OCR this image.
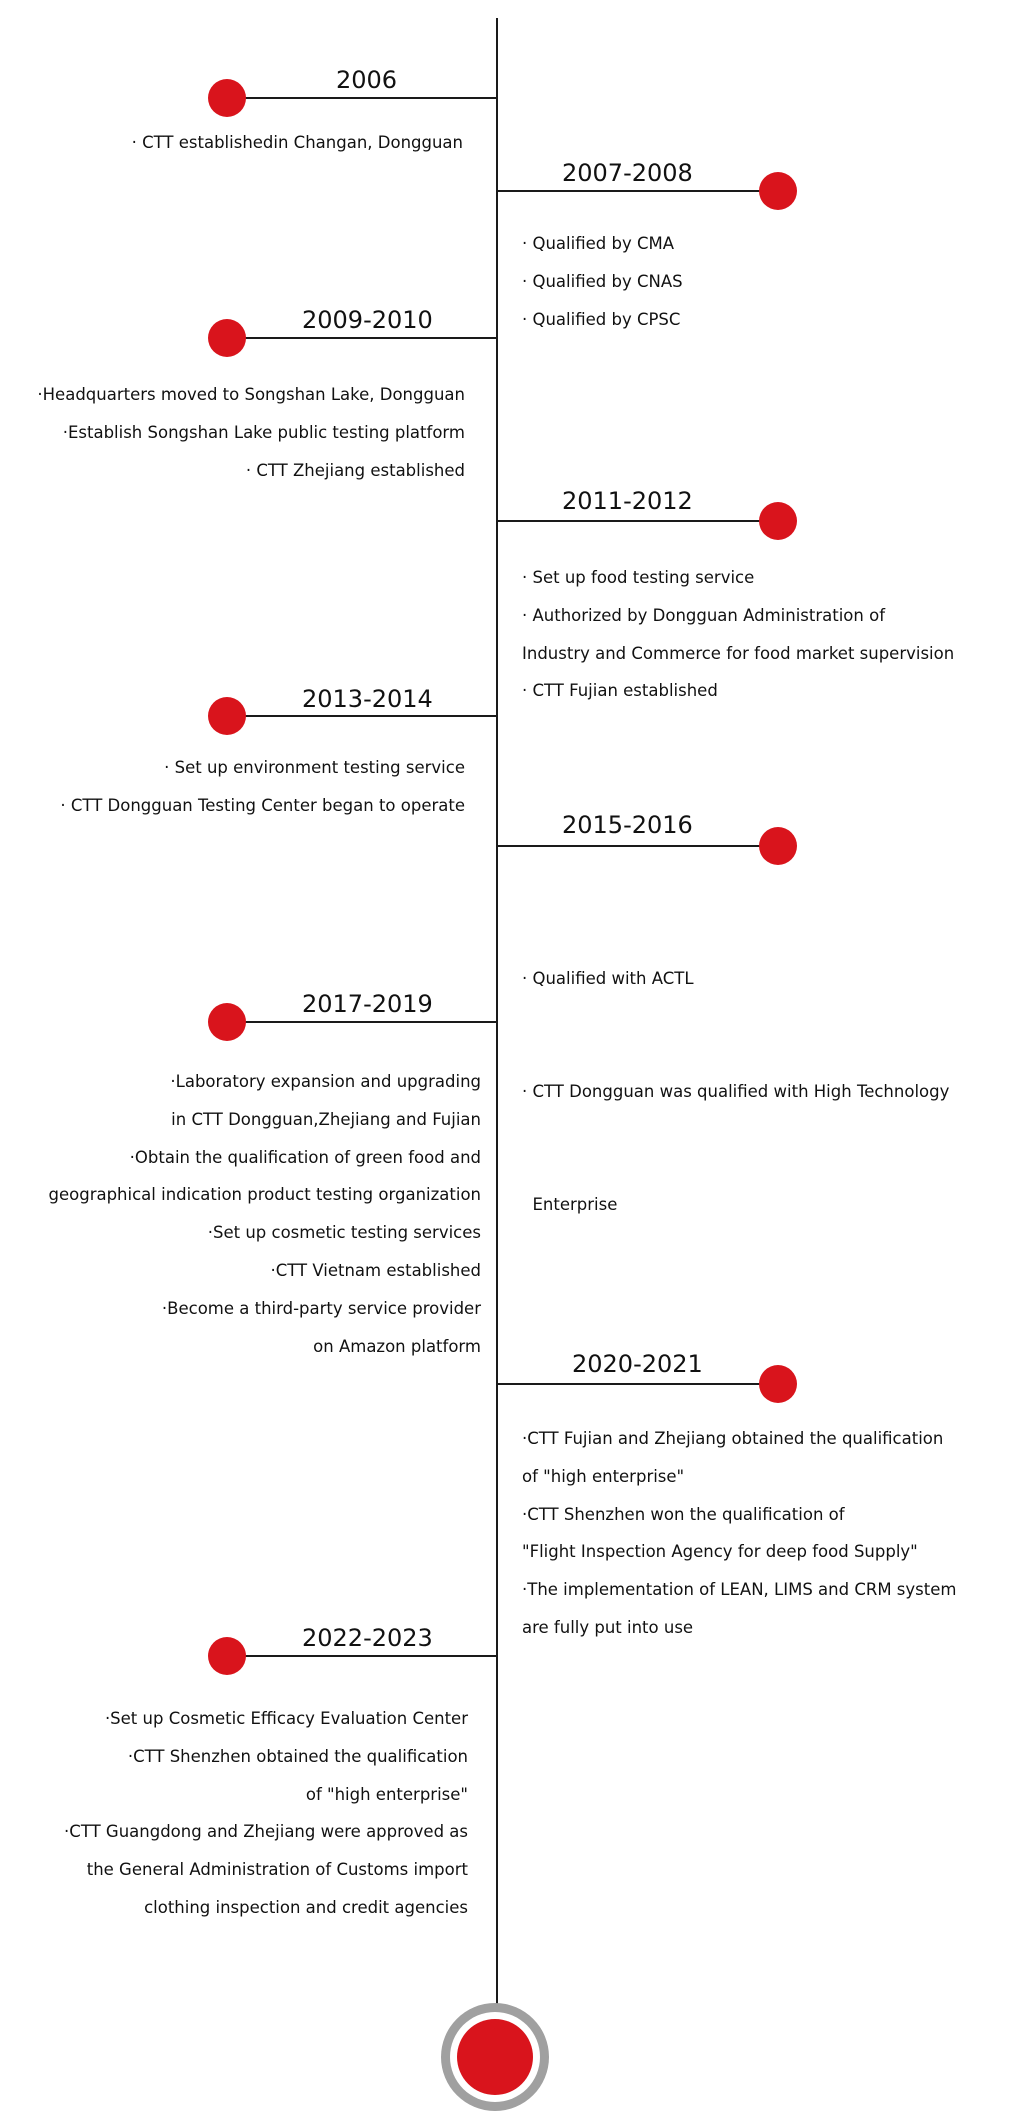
2006
· CTT establishedin Changan, Dongguan
2007-2008
· Qualified by CMA
· Qualified by CNAS
· Qualified by CPSC
2009-2010
·Headquarters moved to Songshan Lake, Dongguan
·Establish Songshan Lake public testing platform
· CTT Zhejiang established
2011-2012
· Set up food testing service
· Authorized by Dongguan Administration of
Industry and Commerce for food market supervision
· CTT Fujian established
2013-2014
· Set up environment testing service
· CTT Dongguan Testing Center began to operate
2015-2016

· Qualified with ACTL

· CTT Dongguan was qualified with High Technology

Enterprise

2017-2019
·Laboratory expansion and upgrading
in CTT Dongguan,Zhejiang and Fujian
·Obtain the qualification of green food and
geographical indication product testing organization
·Set up cosmetic testing services
·CTT Vietnam established
·Become a third-party service provider
on Amazon platform
2020-2021
·CTT Fujian and Zhejiang obtained the qualification
of "high enterprise"
·CTT Shenzhen won the qualification of
"Flight Inspection Agency for deep food Supply"
·The implementation of LEAN, LIMS and CRM system
are fully put into use
2022-2023
·Set up Cosmetic Efficacy Evaluation Center
·CTT Shenzhen obtained the qualification
of "high enterprise"
·CTT Guangdong and Zhejiang were approved as
the General Administration of Customs import
clothing inspection and credit agencies
